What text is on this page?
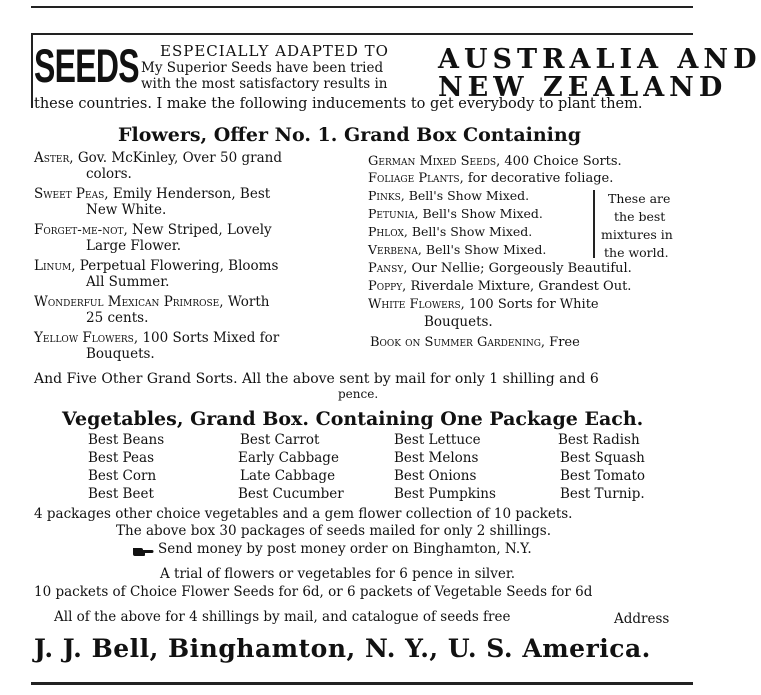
SEEDS ESPECIALLY ADAPTED TO
My Superior Seeds have been tried
with the most satisfactory results in
AUSTRALIA AND
NEW ZEALAND
these countries. I make the following inducements to get everybody to plant them.
Flowers, Offer No. 1. Grand Box Containing
Aster, Gov. McKinley, Over 50 grand
colors.
Sweet Peas, Emily Henderson, Best
New White.
Forget-me-not, New Striped, Lovely
Large Flower.
Linum, Perpetual Flowering, Blooms
All Summer.
Wonderful Mexican Primrose, Worth
25 cents.
Yellow Flowers, 100 Sorts Mixed for
Bouquets.
German Mixed Seeds, 400 Choice Sorts.
Foliage Plants, for decorative foliage.
Pinks, Bell's Show Mixed.
Petunia, Bell's Show Mixed.
Phlox, Bell's Show Mixed.
Verbena, Bell's Show Mixed.
Pansy, Our Nellie; Gorgeously Beautiful.
Poppy, Riverdale Mixture, Grandest Out.
White Flowers, 100 Sorts for White
Bouquets.
Book on Summer Gardening, Free
These are
the best
mixtures in
the world.
And Five Other Grand Sorts. All the above sent by mail for only 1 shilling and 6
pence.
Vegetables, Grand Box. Containing One Package Each.
Best Beans
Best Peas
Best Corn
Best Beet
Best Carrot
Early Cabbage
Late Cabbage
Best Cucumber
Best Lettuce
Best Melons
Best Onions
Best Pumpkins
Best Radish
Best Squash
Best Tomato
Best Turnip.
4 packages other choice vegetables and a gem flower collection of 10 packets.
The above box 30 packages of seeds mailed for only 2 shillings.
Send money by post money order on Binghamton, N.Y.
A trial of flowers or vegetables for 6 pence in silver.
10 packets of Choice Flower Seeds for 6d, or 6 packets of Vegetable Seeds for 6d
All of the above for 4 shillings by mail, and catalogue of seeds free	Address
J. J. Bell, Binghamton, N. Y., U. S. America.
